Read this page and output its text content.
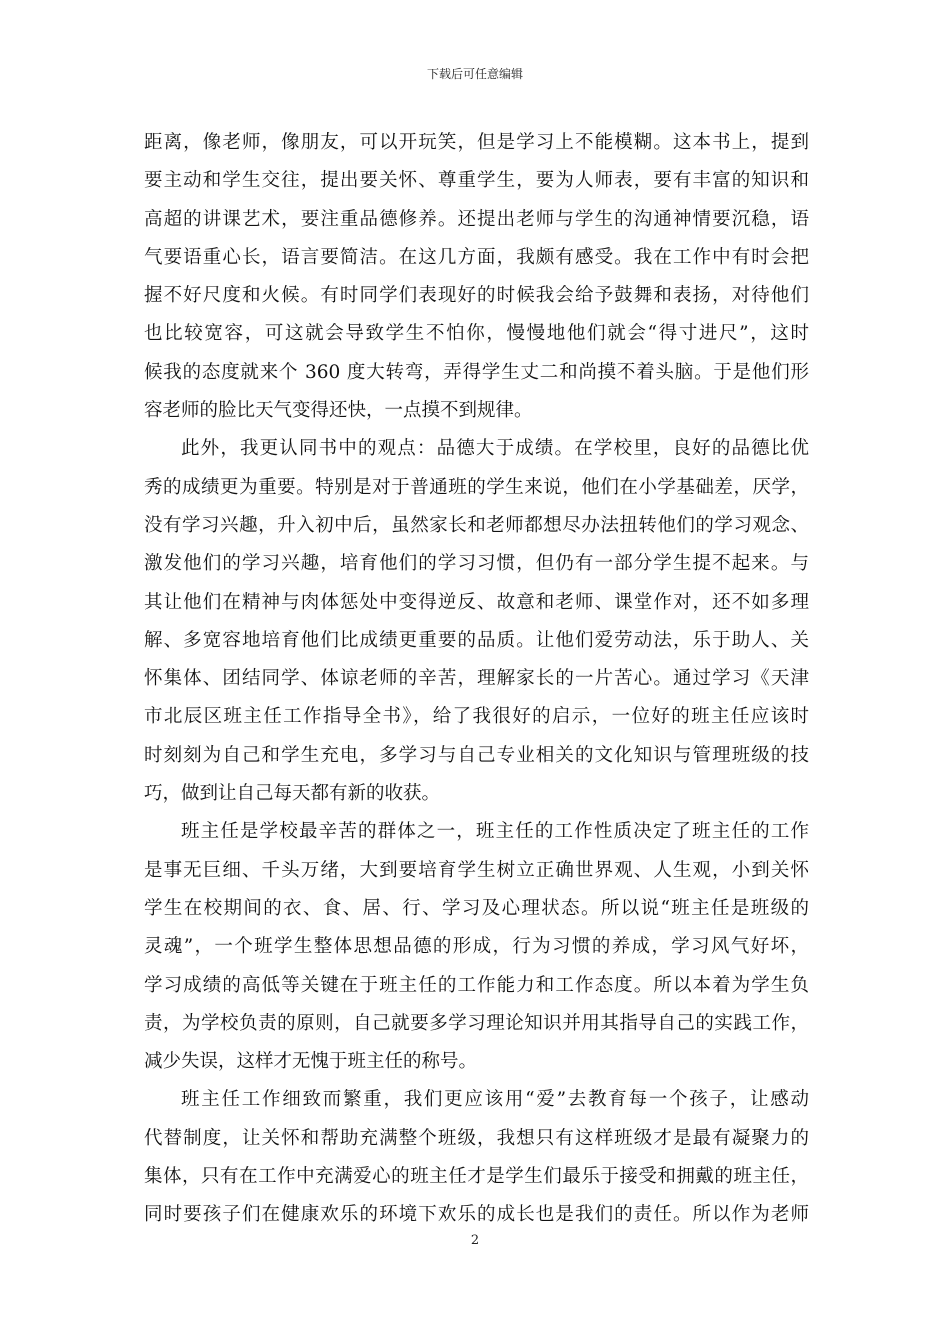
下载后可任意编辑
距离，像老师，像朋友，可以开玩笑，但是学习上不能模糊。这本书上，提到
要主动和学生交往，提出要关怀、尊重学生，要为人师表，要有丰富的知识和
高超的讲课艺术，要注重品德修养。还提出老师与学生的沟通神情要沉稳，语
气要语重心长，语言要简洁。在这几方面，我颇有感受。我在工作中有时会把
握不好尺度和火候。有时同学们表现好的时候我会给予鼓舞和表扬，对待他们
也比较宽容，可这就会导致学生不怕你，慢慢地他们就会“得寸进尺”，这时
候我的态度就来个 360 度大转弯，弄得学生丈二和尚摸不着头脑。于是他们形
容老师的脸比天气变得还快，一点摸不到规律。
此外，我更认同书中的观点：品德大于成绩。在学校里，良好的品德比优
秀的成绩更为重要。特别是对于普通班的学生来说，他们在小学基础差，厌学，
没有学习兴趣，升入初中后，虽然家长和老师都想尽办法扭转他们的学习观念、
激发他们的学习兴趣，培育他们的学习习惯，但仍有一部分学生提不起来。与
其让他们在精神与肉体惩处中变得逆反、故意和老师、课堂作对，还不如多理
解、多宽容地培育他们比成绩更重要的品质。让他们爱劳动法，乐于助人、关
怀集体、团结同学、体谅老师的辛苦，理解家长的一片苦心。通过学习《天津
市北辰区班主任工作指导全书》，给了我很好的启示，一位好的班主任应该时
时刻刻为自己和学生充电，多学习与自己专业相关的文化知识与管理班级的技
巧，做到让自己每天都有新的收获。
班主任是学校最辛苦的群体之一，班主任的工作性质决定了班主任的工作
是事无巨细、千头万绪，大到要培育学生树立正确世界观、人生观，小到关怀
学生在校期间的衣、食、居、行、学习及心理状态。所以说“班主任是班级的
灵魂”，一个班学生整体思想品德的形成，行为习惯的养成，学习风气好坏，
学习成绩的高低等关键在于班主任的工作能力和工作态度。所以本着为学生负
责，为学校负责的原则，自己就要多学习理论知识并用其指导自己的实践工作，
减少失误，这样才无愧于班主任的称号。
班主任工作细致而繁重，我们更应该用“爱”去教育每一个孩子，让感动
代替制度，让关怀和帮助充满整个班级，我想只有这样班级才是最有凝聚力的
集体，只有在工作中充满爱心的班主任才是学生们最乐于接受和拥戴的班主任，
同时要孩子们在健康欢乐的环境下欢乐的成长也是我们的责任。所以作为老师
2
